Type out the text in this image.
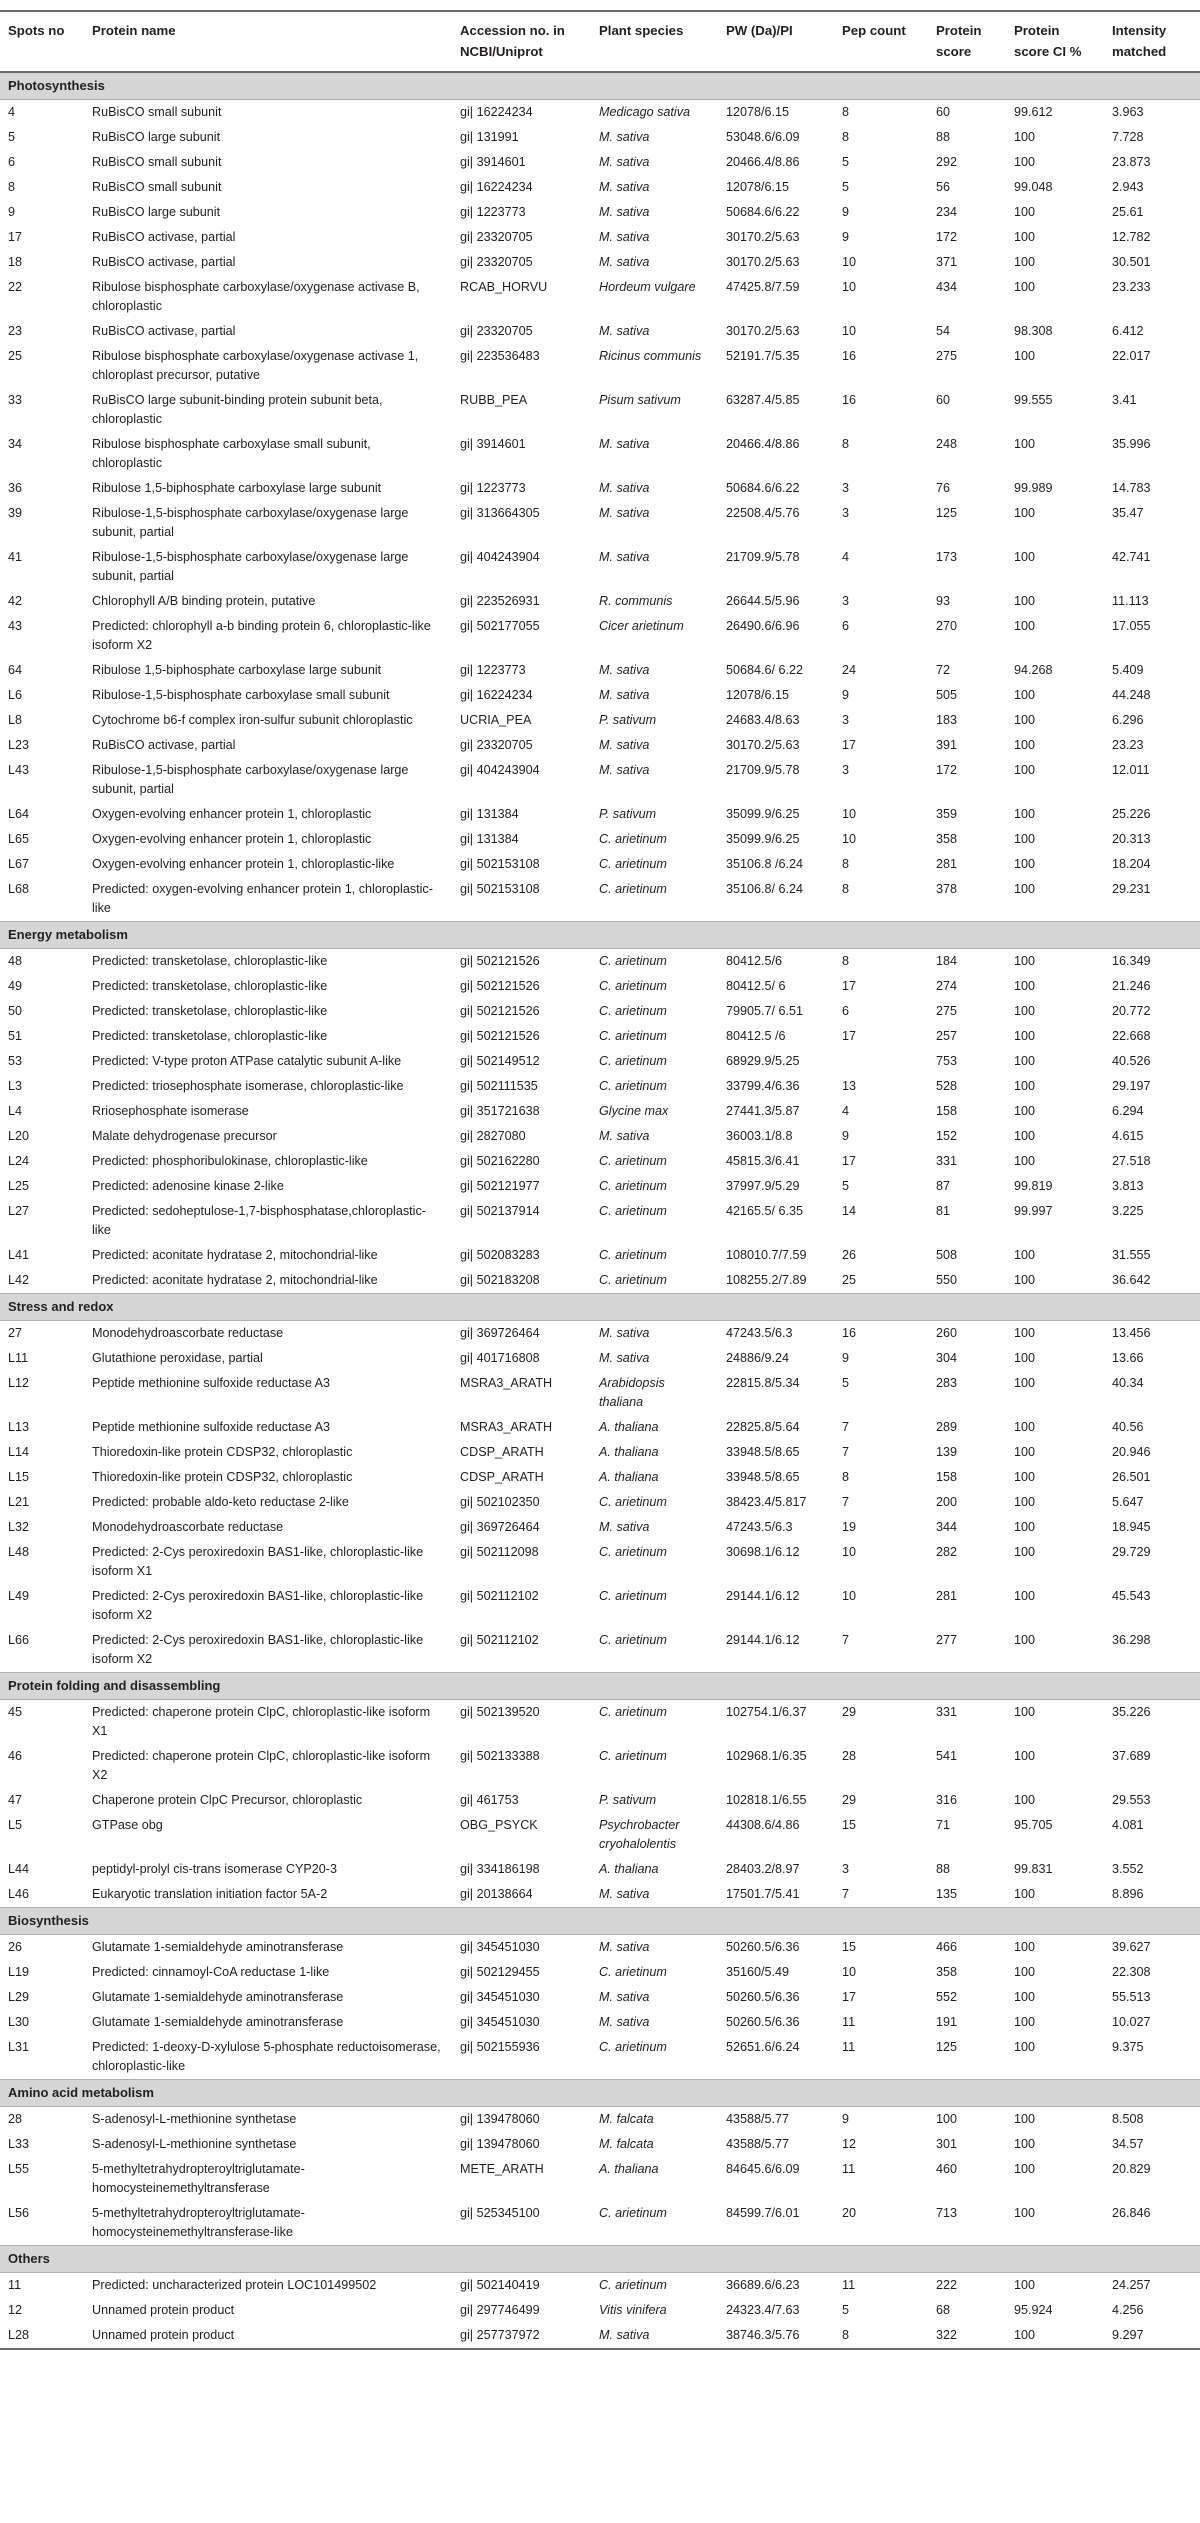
Spots no	Protein name	Accession no. in NCBI/Uniprot	Plant species	PW (Da)/PI	Pep count	Protein score	Protein score CI %	Intensity matched
Photosynthesis								
4	RuBisCO small subunit	gi| 16224234	Medicago sativa	12078/6.15	8	60	99.612	3.963
5	RuBisCO large subunit	gi| 131991	M. sativa	53048.6/6.09	8	88	100	7.728
6	RuBisCO small subunit	gi| 3914601	M. sativa	20466.4/8.86	5	292	100	23.873
8	RuBisCO small subunit	gi| 16224234	M. sativa	12078/6.15	5	56	99.048	2.943
9	RuBisCO large subunit	gi| 1223773	M. sativa	50684.6/6.22	9	234	100	25.61
17	RuBisCO activase, partial	gi| 23320705	M. sativa	30170.2/5.63	9	172	100	12.782
18	RuBisCO activase, partial	gi| 23320705	M. sativa	30170.2/5.63	10	371	100	30.501
22	Ribulose bisphosphate carboxylase/oxygenase activase B, chloroplastic	RCAB_HORVU	Hordeum vulgare	47425.8/7.59	10	434	100	23.233
23	RuBisCO activase, partial	gi| 23320705	M. sativa	30170.2/5.63	10	54	98.308	6.412
25	Ribulose bisphosphate carboxylase/oxygenase activase 1, chloroplast precursor, putative	gi| 223536483	Ricinus communis	52191.7/5.35	16	275	100	22.017
33	RuBisCO large subunit-binding protein subunit beta, chloroplastic	RUBB_PEA	Pisum sativum	63287.4/5.85	16	60	99.555	3.41
34	Ribulose bisphosphate carboxylase small subunit, chloroplastic	gi| 3914601	M. sativa	20466.4/8.86	8	248	100	35.996
36	Ribulose 1,5-biphosphate carboxylase large subunit	gi| 1223773	M. sativa	50684.6/6.22	3	76	99.989	14.783
39	Ribulose-1,5-bisphosphate carboxylase/oxygenase large subunit, partial	gi| 313664305	M. sativa	22508.4/5.76	3	125	100	35.47
41	Ribulose-1,5-bisphosphate carboxylase/oxygenase large subunit, partial	gi| 404243904	M. sativa	21709.9/5.78	4	173	100	42.741
42	Chlorophyll A/B binding protein, putative	gi| 223526931	R. communis	26644.5/5.96	3	93	100	11.113
43	Predicted: chlorophyll a-b binding protein 6, chloroplastic-like isoform X2	gi| 502177055	Cicer arietinum	26490.6/6.96	6	270	100	17.055
64	Ribulose 1,5-biphosphate carboxylase large subunit	gi| 1223773	M. sativa	50684.6/ 6.22	24	72	94.268	5.409
L6	Ribulose-1,5-bisphosphate carboxylase small subunit	gi| 16224234	M. sativa	12078/6.15	9	505	100	44.248
L8	Cytochrome b6-f complex iron-sulfur subunit chloroplastic	UCRIA_PEA	P. sativum	24683.4/8.63	3	183	100	6.296
L23	RuBisCO activase, partial	gi| 23320705	M. sativa	30170.2/5.63	17	391	100	23.23
L43	Ribulose-1,5-bisphosphate carboxylase/oxygenase large subunit, partial	gi| 404243904	M. sativa	21709.9/5.78	3	172	100	12.011
L64	Oxygen-evolving enhancer protein 1, chloroplastic	gi| 131384	P. sativum	35099.9/6.25	10	359	100	25.226
L65	Oxygen-evolving enhancer protein 1, chloroplastic	gi| 131384	C. arietinum	35099.9/6.25	10	358	100	20.313
L67	Oxygen-evolving enhancer protein 1, chloroplastic-like	gi| 502153108	C. arietinum	35106.8 /6.24	8	281	100	18.204
L68	Predicted: oxygen-evolving enhancer protein 1, chloroplastic-like	gi| 502153108	C. arietinum	35106.8/ 6.24	8	378	100	29.231
Energy metabolism								
48	Predicted: transketolase, chloroplastic-like	gi| 502121526	C. arietinum	80412.5/6	8	184	100	16.349
49	Predicted: transketolase, chloroplastic-like	gi| 502121526	C. arietinum	80412.5/ 6	17	274	100	21.246
50	Predicted: transketolase, chloroplastic-like	gi| 502121526	C. arietinum	79905.7/ 6.51	6	275	100	20.772
51	Predicted: transketolase, chloroplastic-like	gi| 502121526	C. arietinum	80412.5 /6	17	257	100	22.668
53	Predicted: V-type proton ATPase catalytic subunit A-like	gi| 502149512	C. arietinum	68929.9/5.25		753	100	40.526
L3	Predicted: triosephosphate isomerase, chloroplastic-like	gi| 502111535	C. arietinum	33799.4/6.36	13	528	100	29.197
L4	Rriosephosphate isomerase	gi| 351721638	Glycine max	27441.3/5.87	4	158	100	6.294
L20	Malate dehydrogenase precursor	gi| 2827080	M. sativa	36003.1/8.8	9	152	100	4.615
L24	Predicted: phosphoribulokinase, chloroplastic-like	gi| 502162280	C. arietinum	45815.3/6.41	17	331	100	27.518
L25	Predicted: adenosine kinase 2-like	gi| 502121977	C. arietinum	37997.9/5.29	5	87	99.819	3.813
L27	Predicted: sedoheptulose-1,7-bisphosphatase,chloroplastic-like	gi| 502137914	C. arietinum	42165.5/ 6.35	14	81	99.997	3.225
L41	Predicted: aconitate hydratase 2, mitochondrial-like	gi| 502083283	C. arietinum	108010.7/7.59	26	508	100	31.555
L42	Predicted: aconitate hydratase 2, mitochondrial-like	gi| 502183208	C. arietinum	108255.2/7.89	25	550	100	36.642
Stress and redox								
27	Monodehydroascorbate reductase	gi| 369726464	M. sativa	47243.5/6.3	16	260	100	13.456
L11	Glutathione peroxidase, partial	gi| 401716808	M. sativa	24886/9.24	9	304	100	13.66
L12	Peptide methionine sulfoxide reductase A3	MSRA3_ARATH	Arabidopsis thaliana	22815.8/5.34	5	283	100	40.34
L13	Peptide methionine sulfoxide reductase A3	MSRA3_ARATH	A. thaliana	22825.8/5.64	7	289	100	40.56
L14	Thioredoxin-like protein CDSP32, chloroplastic	CDSP_ARATH	A. thaliana	33948.5/8.65	7	139	100	20.946
L15	Thioredoxin-like protein CDSP32, chloroplastic	CDSP_ARATH	A. thaliana	33948.5/8.65	8	158	100	26.501
L21	Predicted: probable aldo-keto reductase 2-like	gi| 502102350	C. arietinum	38423.4/5.817	7	200	100	5.647
L32	Monodehydroascorbate reductase	gi| 369726464	M. sativa	47243.5/6.3	19	344	100	18.945
L48	Predicted: 2-Cys peroxiredoxin BAS1-like, chloroplastic-like isoform X1	gi| 502112098	C. arietinum	30698.1/6.12	10	282	100	29.729
L49	Predicted: 2-Cys peroxiredoxin BAS1-like, chloroplastic-like isoform X2	gi| 502112102	C. arietinum	29144.1/6.12	10	281	100	45.543
L66	Predicted: 2-Cys peroxiredoxin BAS1-like, chloroplastic-like isoform X2	gi| 502112102	C. arietinum	29144.1/6.12	7	277	100	36.298
Protein folding and disassembling								
45	Predicted: chaperone protein ClpC, chloroplastic-like isoform X1	gi| 502139520	C. arietinum	102754.1/6.37	29	331	100	35.226
46	Predicted: chaperone protein ClpC, chloroplastic-like isoform X2	gi| 502133388	C. arietinum	102968.1/6.35	28	541	100	37.689
47	Chaperone protein ClpC Precursor, chloroplastic	gi| 461753	P. sativum	102818.1/6.55	29	316	100	29.553
L5	GTPase obg	OBG_PSYCK	Psychrobacter cryohalolentis	44308.6/4.86	15	71	95.705	4.081
L44	peptidyl-prolyl cis-trans isomerase CYP20-3	gi| 334186198	A. thaliana	28403.2/8.97	3	88	99.831	3.552
L46	Eukaryotic translation initiation factor 5A-2	gi| 20138664	M. sativa	17501.7/5.41	7	135	100	8.896
Biosynthesis								
26	Glutamate 1-semialdehyde aminotransferase	gi| 345451030	M. sativa	50260.5/6.36	15	466	100	39.627
L19	Predicted: cinnamoyl-CoA reductase 1-like	gi| 502129455	C. arietinum	35160/5.49	10	358	100	22.308
L29	Glutamate 1-semialdehyde aminotransferase	gi| 345451030	M. sativa	50260.5/6.36	17	552	100	55.513
L30	Glutamate 1-semialdehyde aminotransferase	gi| 345451030	M. sativa	50260.5/6.36	11	191	100	10.027
L31	Predicted: 1-deoxy-D-xylulose 5-phosphate reductoisomerase, chloroplastic-like	gi| 502155936	C. arietinum	52651.6/6.24	11	125	100	9.375
Amino acid metabolism								
28	S-adenosyl-L-methionine synthetase	gi| 139478060	M. falcata	43588/5.77	9	100	100	8.508
L33	S-adenosyl-L-methionine synthetase	gi| 139478060	M. falcata	43588/5.77	12	301	100	34.57
L55	5-methyltetrahydropteroyltriglutamate-homocysteinemethyltransferase	METE_ARATH	A. thaliana	84645.6/6.09	11	460	100	20.829
L56	5-methyltetrahydropteroyltriglutamate-homocysteinemethyltransferase-like	gi| 525345100	C. arietinum	84599.7/6.01	20	713	100	26.846
Others								
11	Predicted: uncharacterized protein LOC101499502	gi| 502140419	C. arietinum	36689.6/6.23	11	222	100	24.257
12	Unnamed protein product	gi| 297746499	Vitis vinifera	24323.4/7.63	5	68	95.924	4.256
L28	Unnamed protein product	gi| 257737972	M. sativa	38746.3/5.76	8	322	100	9.297
